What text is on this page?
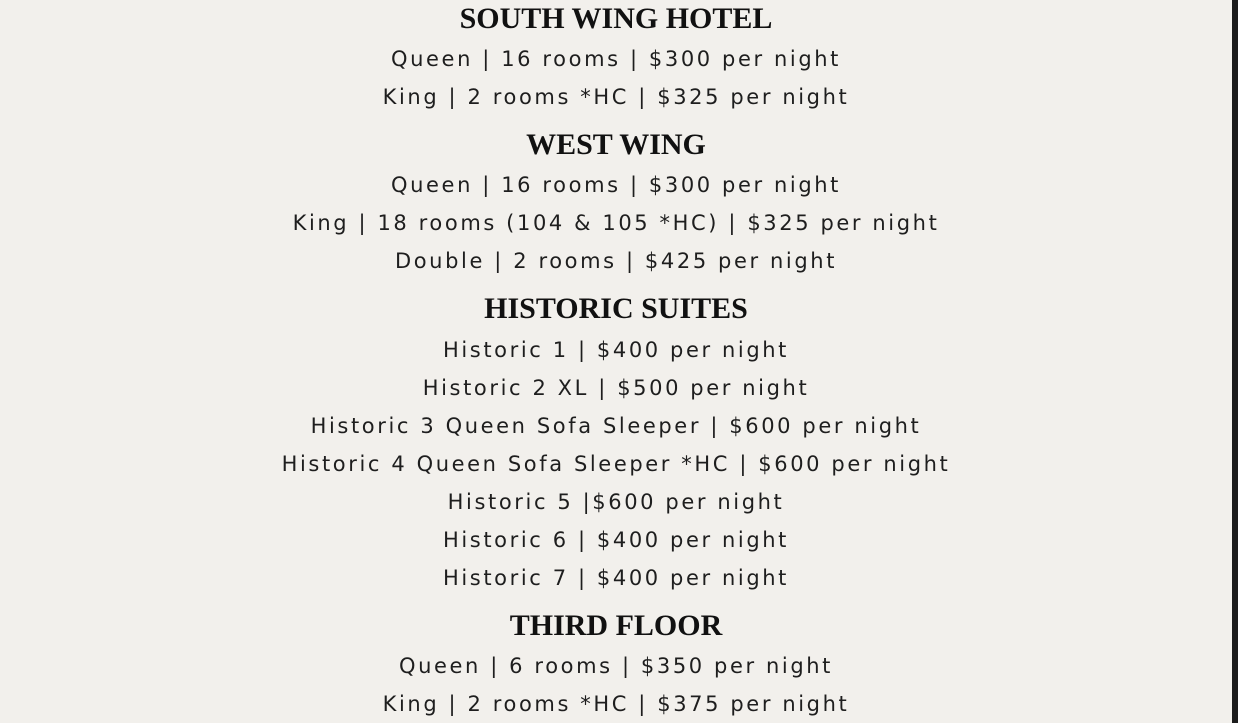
SOUTH WING HOTEL
Queen | 16 rooms | $300 per night
King | 2 rooms *HC | $325 per night
WEST WING
Queen | 16 rooms | $300 per night
King | 18 rooms (104 & 105 *HC) | $325 per night
Double | 2 rooms | $425 per night
HISTORIC SUITES
Historic 1 | $400 per night
Historic 2 XL | $500 per night
Historic 3 Queen Sofa Sleeper | $600 per night
Historic 4 Queen Sofa Sleeper *HC | $600 per night
Historic 5 |$600 per night
Historic 6 | $400 per night
Historic 7 | $400 per night
THIRD FLOOR
Queen | 6 rooms | $350 per night
King | 2 rooms *HC | $375 per night
